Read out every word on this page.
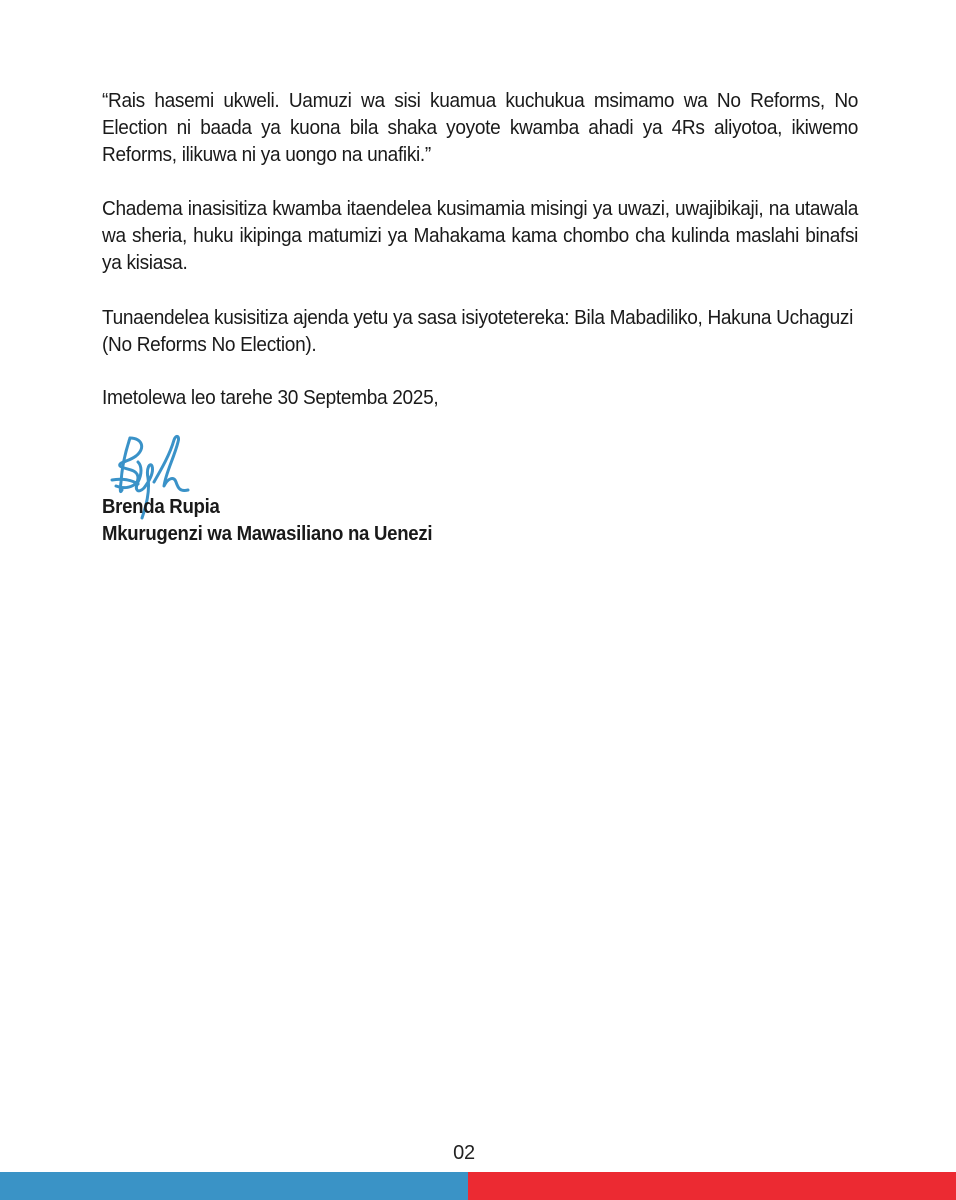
“Rais hasemi ukweli. Uamuzi wa sisi kuamua kuchukua msimamo wa No Reforms, No Election ni baada ya kuona bila shaka yoyote kwamba ahadi ya 4Rs aliyotoa, ikiwemo Reforms, ilikuwa ni ya uongo na unafiki.”

Chadema inasisitiza kwamba itaendelea kusimamia misingi ya uwazi, uwajibikaji, na utawala wa sheria, huku ikipinga matumizi ya Mahakama kama chombo cha kulinda maslahi binafsi ya kisiasa.

Tunaendelea kusisitiza ajenda yetu ya sasa isiyotetereka: Bila Mabadiliko, Hakuna Uchaguzi (No Reforms No Election).

Imetolewa leo tarehe 30 Septemba 2025,

Brenda Rupia
Mkurugenzi wa Mawasiliano na Uenezi
02
